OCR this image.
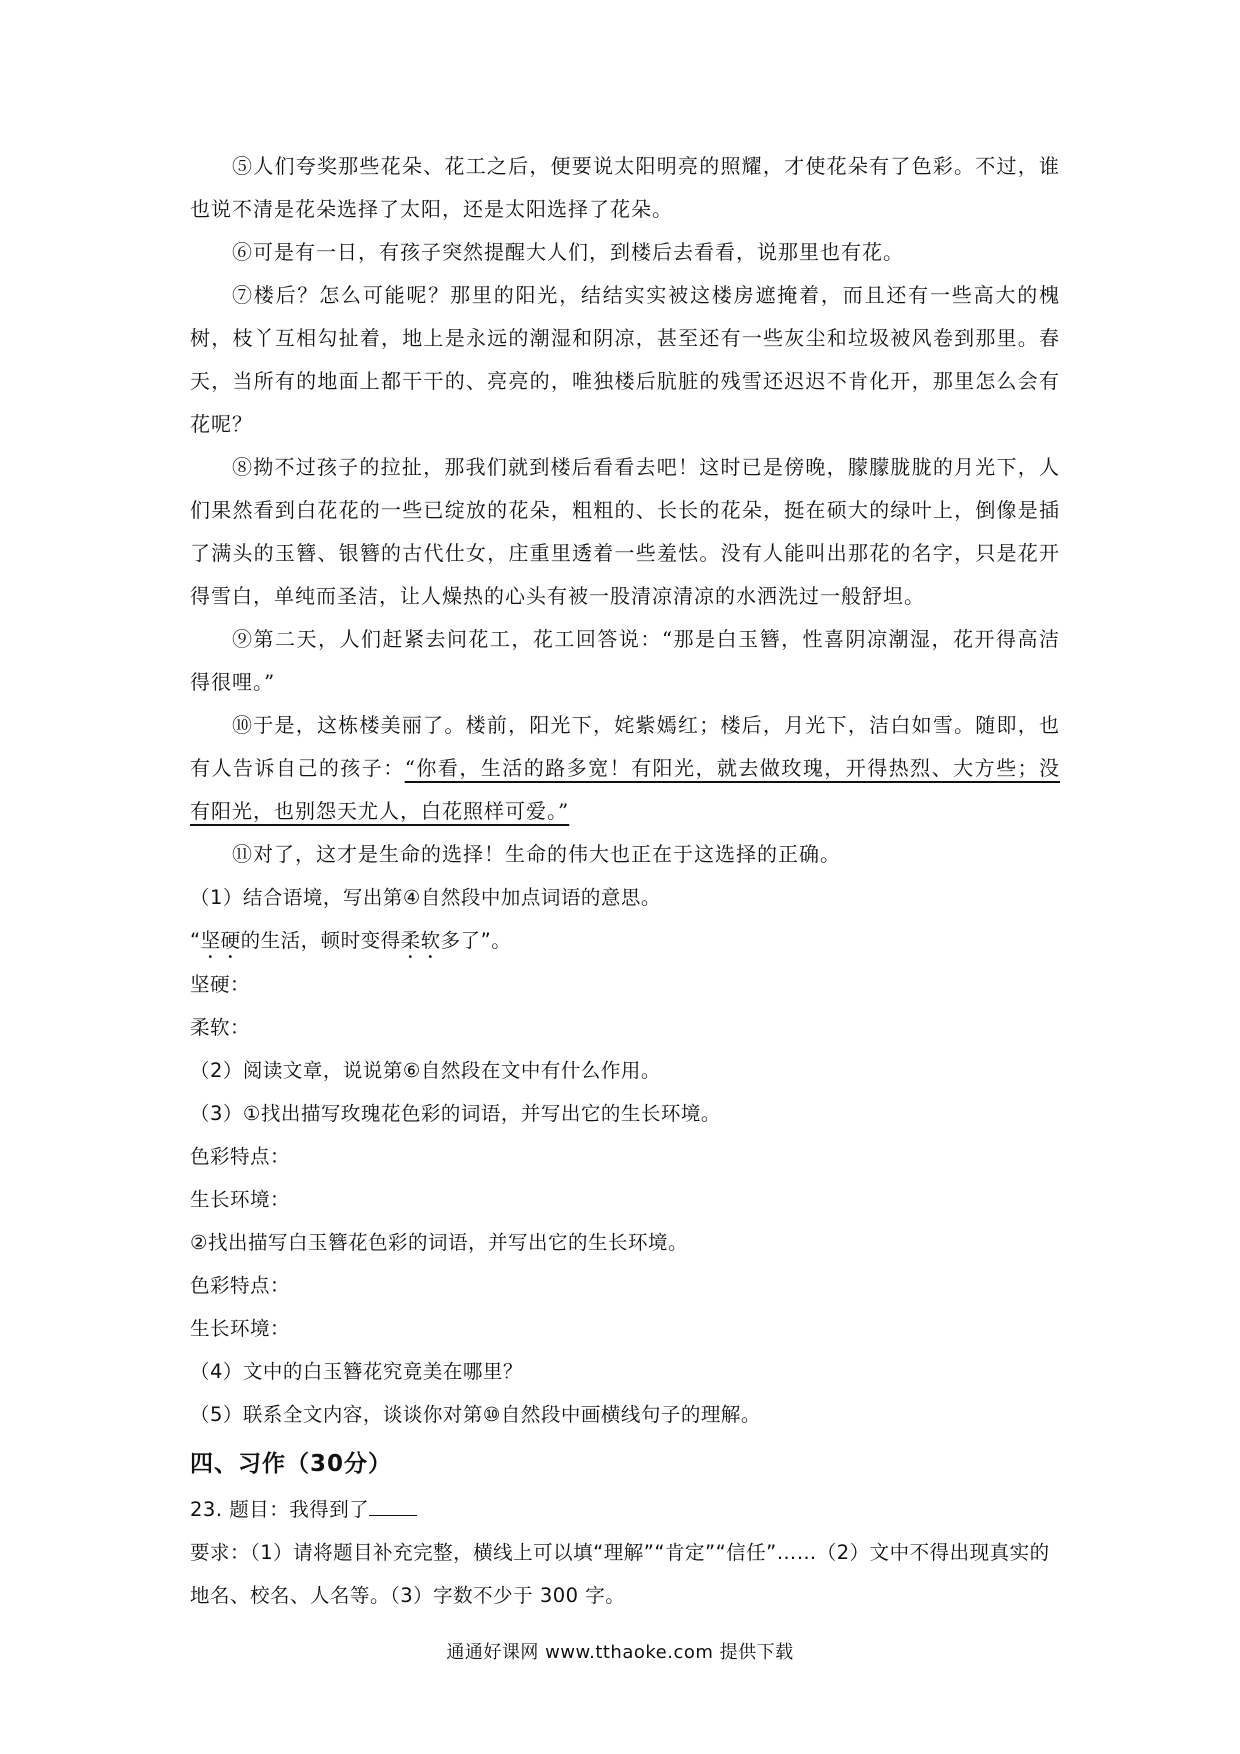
⑤人们夸奖那些花朵、花工之后，便要说太阳明亮的照耀，才使花朵有了色彩。不过，谁也说不清是花朵选择了太阳，还是太阳选择了花朵。

⑥可是有一日，有孩子突然提醒大人们，到楼后去看看，说那里也有花。

⑦楼后？怎么可能呢？那里的阳光，结结实实被这楼房遮掩着，而且还有一些高大的槐树，枝丫互相勾扯着，地上是永远的潮湿和阴凉，甚至还有一些灰尘和垃圾被风卷到那里。春天，当所有的地面上都干干的、亮亮的，唯独楼后肮脏的残雪还迟迟不肯化开，那里怎么会有花呢？

⑧拗不过孩子的拉扯，那我们就到楼后看看去吧！这时已是傍晚，朦朦胧胧的月光下，人们果然看到白花花的一些已绽放的花朵，粗粗的、长长的花朵，挺在硕大的绿叶上，倒像是插了满头的玉簪、银簪的古代仕女，庄重里透着一些羞怯。没有人能叫出那花的名字，只是花开得雪白，单纯而圣洁，让人燥热的心头有被一股清凉清凉的水洒洗过一般舒坦。

⑨第二天，人们赶紧去问花工，花工回答说：“那是白玉簪，性喜阴凉潮湿，花开得高洁得很哩。”

⑩于是，这栋楼美丽了。楼前，阳光下，姹紫嫣红；楼后，月光下，洁白如雪。随即，也有人告诉自己的孩子：“你看，生活的路多宽！有阳光，就去做玫瑰，开得热烈、大方些；没有阳光，也别怨天尤人，白花照样可爱。”

⑪对了，这才是生命的选择！生命的伟大也正在于这选择的正确。

（1）结合语境，写出第④自然段中加点词语的意思。

“坚硬的生活，顿时变得柔软多了”。

坚硬：

柔软：

（2）阅读文章，说说第⑥自然段在文中有什么作用。

（3）①找出描写玫瑰花色彩的词语，并写出它的生长环境。

色彩特点：

生长环境：

②找出描写白玉簪花色彩的词语，并写出它的生长环境。

色彩特点：

生长环境：

（4）文中的白玉簪花究竟美在哪里？

（5）联系全文内容，谈谈你对第⑩自然段中画横线句子的理解。

四、习作（30分）

23. 题目：我得到了

要求：（1）请将题目补充完整，横线上可以填“理解”“肯定”“信任”……（2）文中不得出现真实的地名、校名、人名等。（3）字数不少于 300 字。

通通好课网 www.tthaoke.com 提供下载
